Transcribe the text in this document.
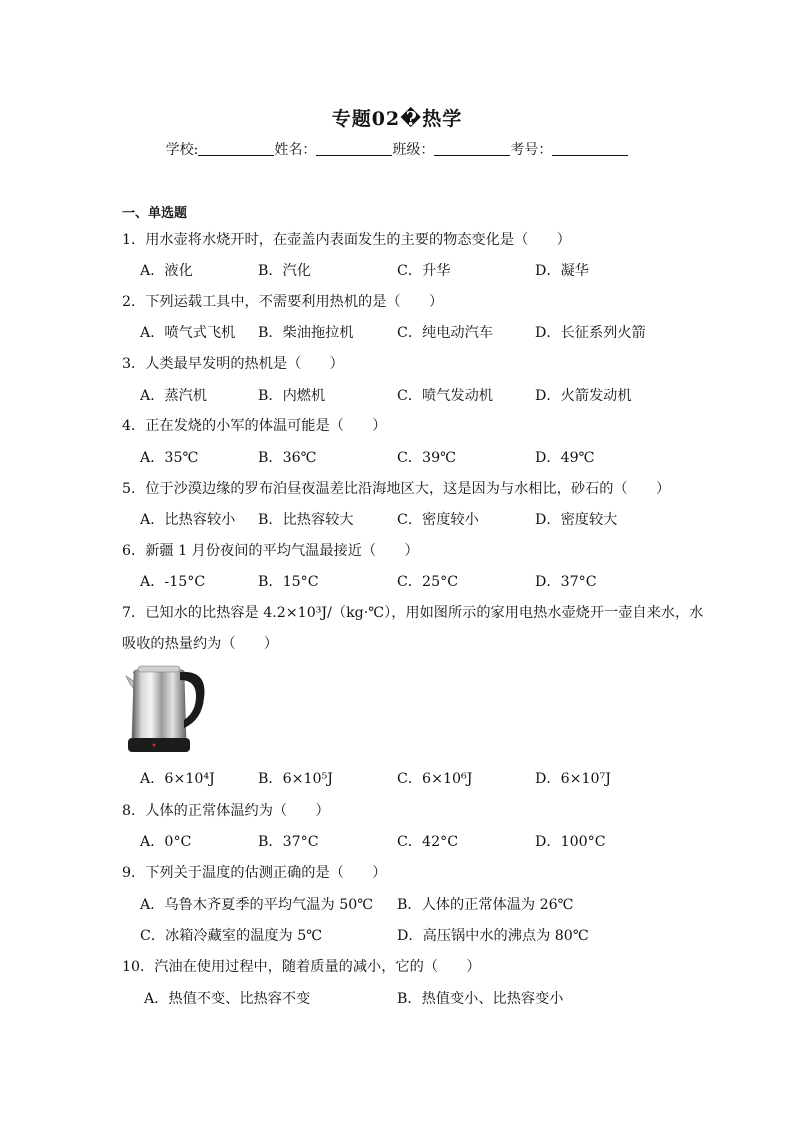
专题02�热学
学校:	姓名：	班级：	考号：
一、单选题
1．用水壶将水烧开时，在壶盖内表面发生的主要的物态变化是（　　）
A．液化	B．汽化	C．升华	D．凝华
2．下列运载工具中，不需要利用热机的是（　　）
A．喷气式飞机 B．柴油拖拉机	C．纯电动汽车	D．长征系列火箭
3．人类最早发明的热机是（　　）
A．蒸汽机	B．内燃机	C．喷气发动机	D．火箭发动机
4．正在发烧的小军的体温可能是（　　）
A．35℃	B．36℃	C．39℃	D．49℃
5．位于沙漠边缘的罗布泊昼夜温差比沿海地区大，这是因为与水相比，砂石的（　　）
A．比热容较小 B．比热容较大	C．密度较小	D．密度较大
6．新疆 1 月份夜间的平均气温最接近（　　）
A．-15°C	B．15°C	C．25°C	D．37°C
7．已知水的比热容是 4.2×10³J/（kg·℃），用如图所示的家用电热水壶烧开一壶自来水，水
吸收的热量约为（　　）
A．6×10⁴J	B．6×10⁵J	C．6×10⁶J	D．6×10⁷J
8．人体的正常体温约为（　　）
A．0°C	B．37°C	C．42°C	D．100°C
9．下列关于温度的估测正确的是（　　）
A．乌鲁木齐夏季的平均气温为 50℃ B．人体的正常体温为 26℃
C．冰箱冷藏室的温度为 5℃	D．高压锅中水的沸点为 80℃
10．汽油在使用过程中，随着质量的减小，它的（　　）
A．热值不变、比热容不变	B．热值变小、比热容变小
